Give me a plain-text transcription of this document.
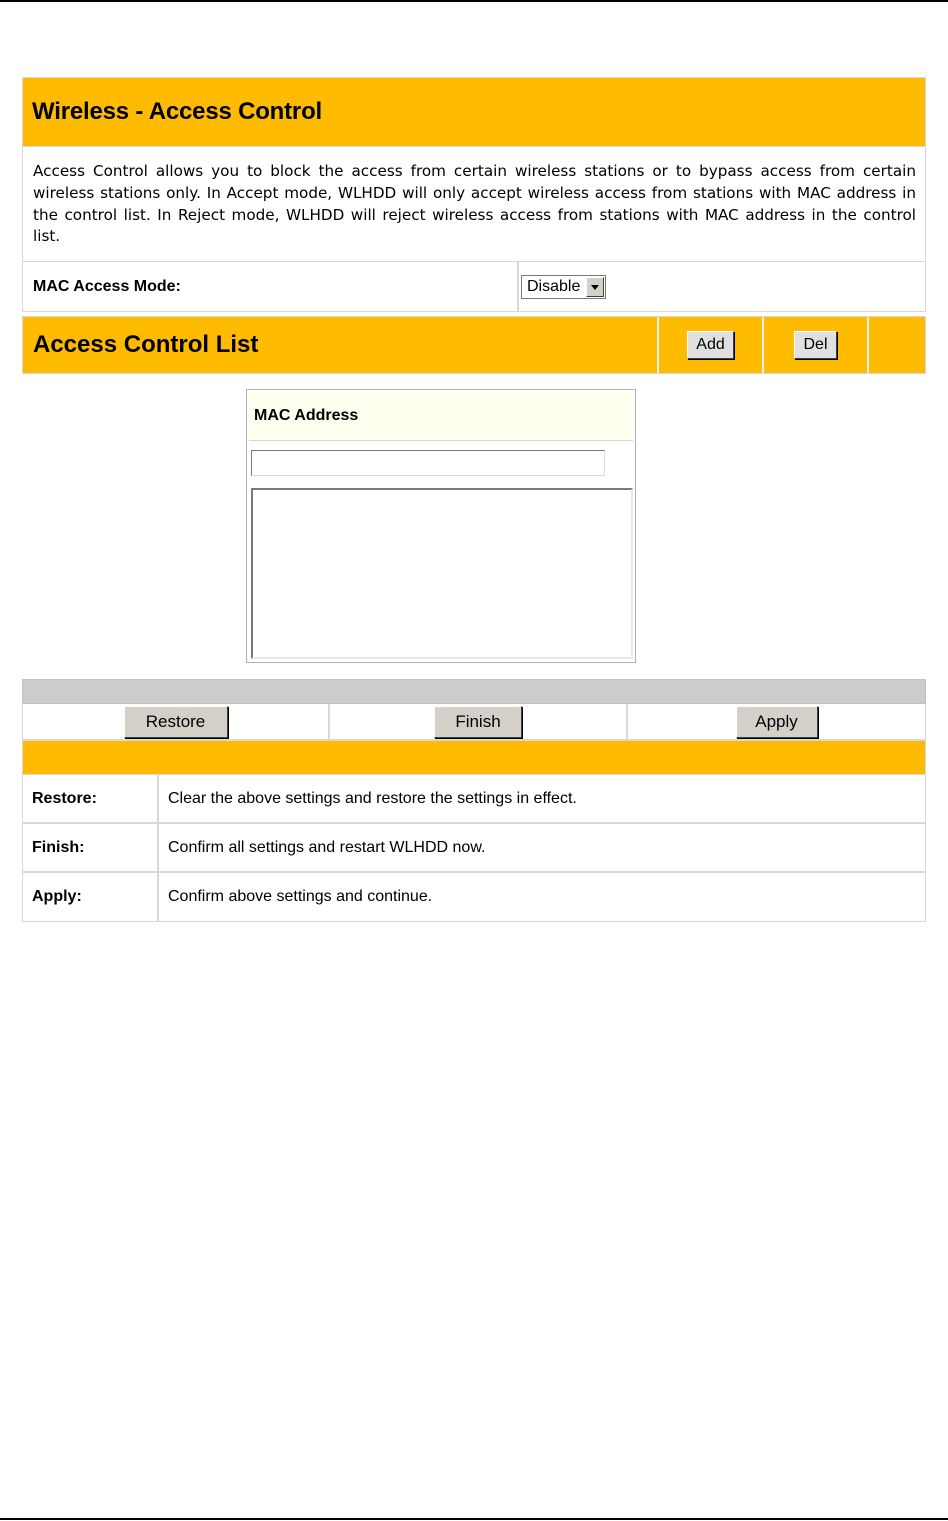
Wireless - Access Control
Access Control allows you to block the access from certain wireless stations or to bypass access from certain wireless stations only. In Accept mode, WLHDD will only accept wireless access from stations with MAC address in the control list. In Reject mode, WLHDD will reject wireless access from stations with MAC address in the control list.
MAC Access Mode:	Disable
Access Control List	Add	Del
MAC Address
Restore	Finish	Apply
Restore:	Clear the above settings and restore the settings in effect.
Finish:	Confirm all settings and restart WLHDD now.
Apply:	Confirm above settings and continue.
